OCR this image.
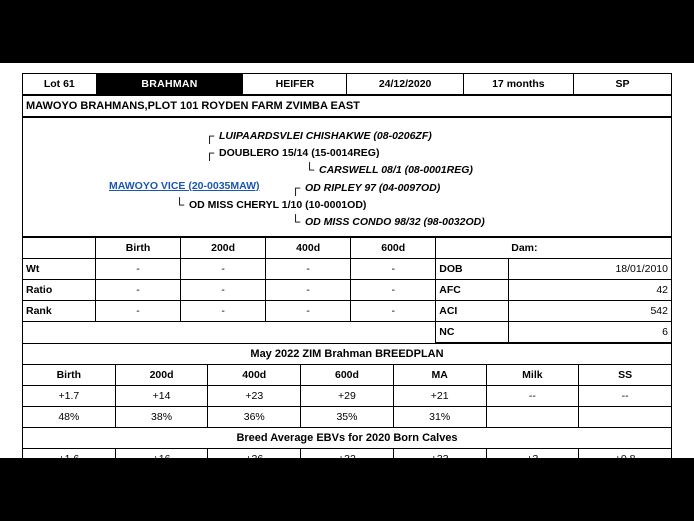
Lot 61	BRAHMAN	HEIFER	24/12/2020	17 months	SP
MAWOYO BRAHMANS,PLOT 101 ROYDEN FARM ZVIMBA EAST
┌ LUIPAARDSVLEI CHISHAKWE (08-0206ZF)
┌ DOUBLERO 15/14 (15-0014REG)
└ CARSWELL 08/1 (08-0001REG)
MAWOYO VICE (20-0035MAW) ┌ OD RIPLEY 97 (04-0097OD)
└ OD MISS CHERYL 1/10 (10-0001OD)
└ OD MISS CONDO 98/32 (98-0032OD)
	Birth	200d	400d	600d		Dam:
Wt	-	-	-	-	DOB	18/01/2010
Ratio	-	-	-	-	AFC	42
Rank	-	-	-	-	ACI	542
					NC	6
May 2022 ZIM Brahman BREEDPLAN						
Birth	200d	400d	600d	MA	Milk	SS
+1.7	+14	+23	+29	+21	--	--
48%	38%	36%	35%	31%		
Breed Average EBVs for 2020 Born Calves						
+1.6	+16	+26	+32	+33	+3	+0.8
Vice is another daughter to sire 15-0014 REG and 10-0001OD as the dam						
